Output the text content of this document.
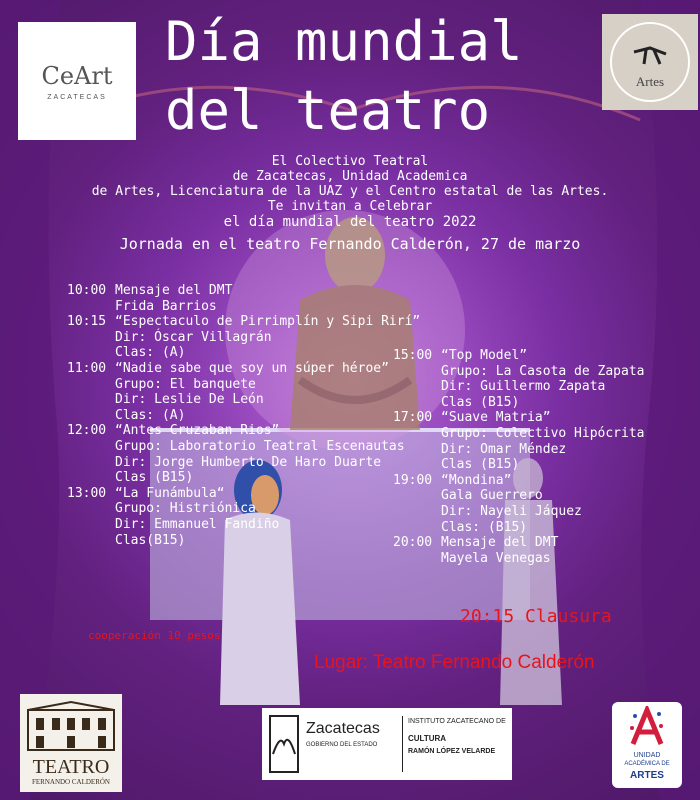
CeArt
ZACATECAS
Artes
Día mundial
del teatro
El Colectivo Teatral
de Zacatecas, Unidad Academica
de Artes, Licenciatura de la UAZ y el Centro estatal de las Artes.
Te invitan a Celebrar
el día mundial del teatro 2022
Jornada en el teatro Fernando Calderón, 27 de marzo
10:00 Mensaje del DMT
Frida Barrios
10:15 “Espectaculo de Pirrimplín y Sipi Rirí”
Dir: Óscar Villagrán
Clas: (A)
11:00 “Nadie sabe que soy un súper héroe”
Grupo: El banquete
Dir: Leslie De León
Clas: (A)
12:00 “Antes Cruzaban Rios”
Grupo: Laboratorio Teatral Escenautas
Dir: Jorge Humberto De Haro Duarte
Clas (B15)
13:00 “La Funámbula“
Grupo: Histriónica
Dir: Emmanuel Fandiño
Clas(B15)
15:00 “Top Model”
Grupo: La Casota de Zapata
Dir: Guillermo Zapata
Clas (B15)
17:00 “Suave Matria”
Grupo: Colectivo Hipócrita
Dir: Omar Méndez
Clas (B15)
19:00 “Mondina”
Gala Guerrero
Dir: Nayeli Jáquez
Clas: (B15)
20:00 Mensaje del DMT
Mayela Venegas
20:15 Clausura
cooperación 10 pesos
Lugar: Teatro Fernando Calderón
TEATRO
FERNANDO CALDERÓN
Zacatecas
GOBIERNO DEL ESTADO
INSTITUTO ZACATECANO DE
CULTURA
RAMÓN LÓPEZ VELARDE
UNIDAD
ACADÉMICA DE
ARTES
